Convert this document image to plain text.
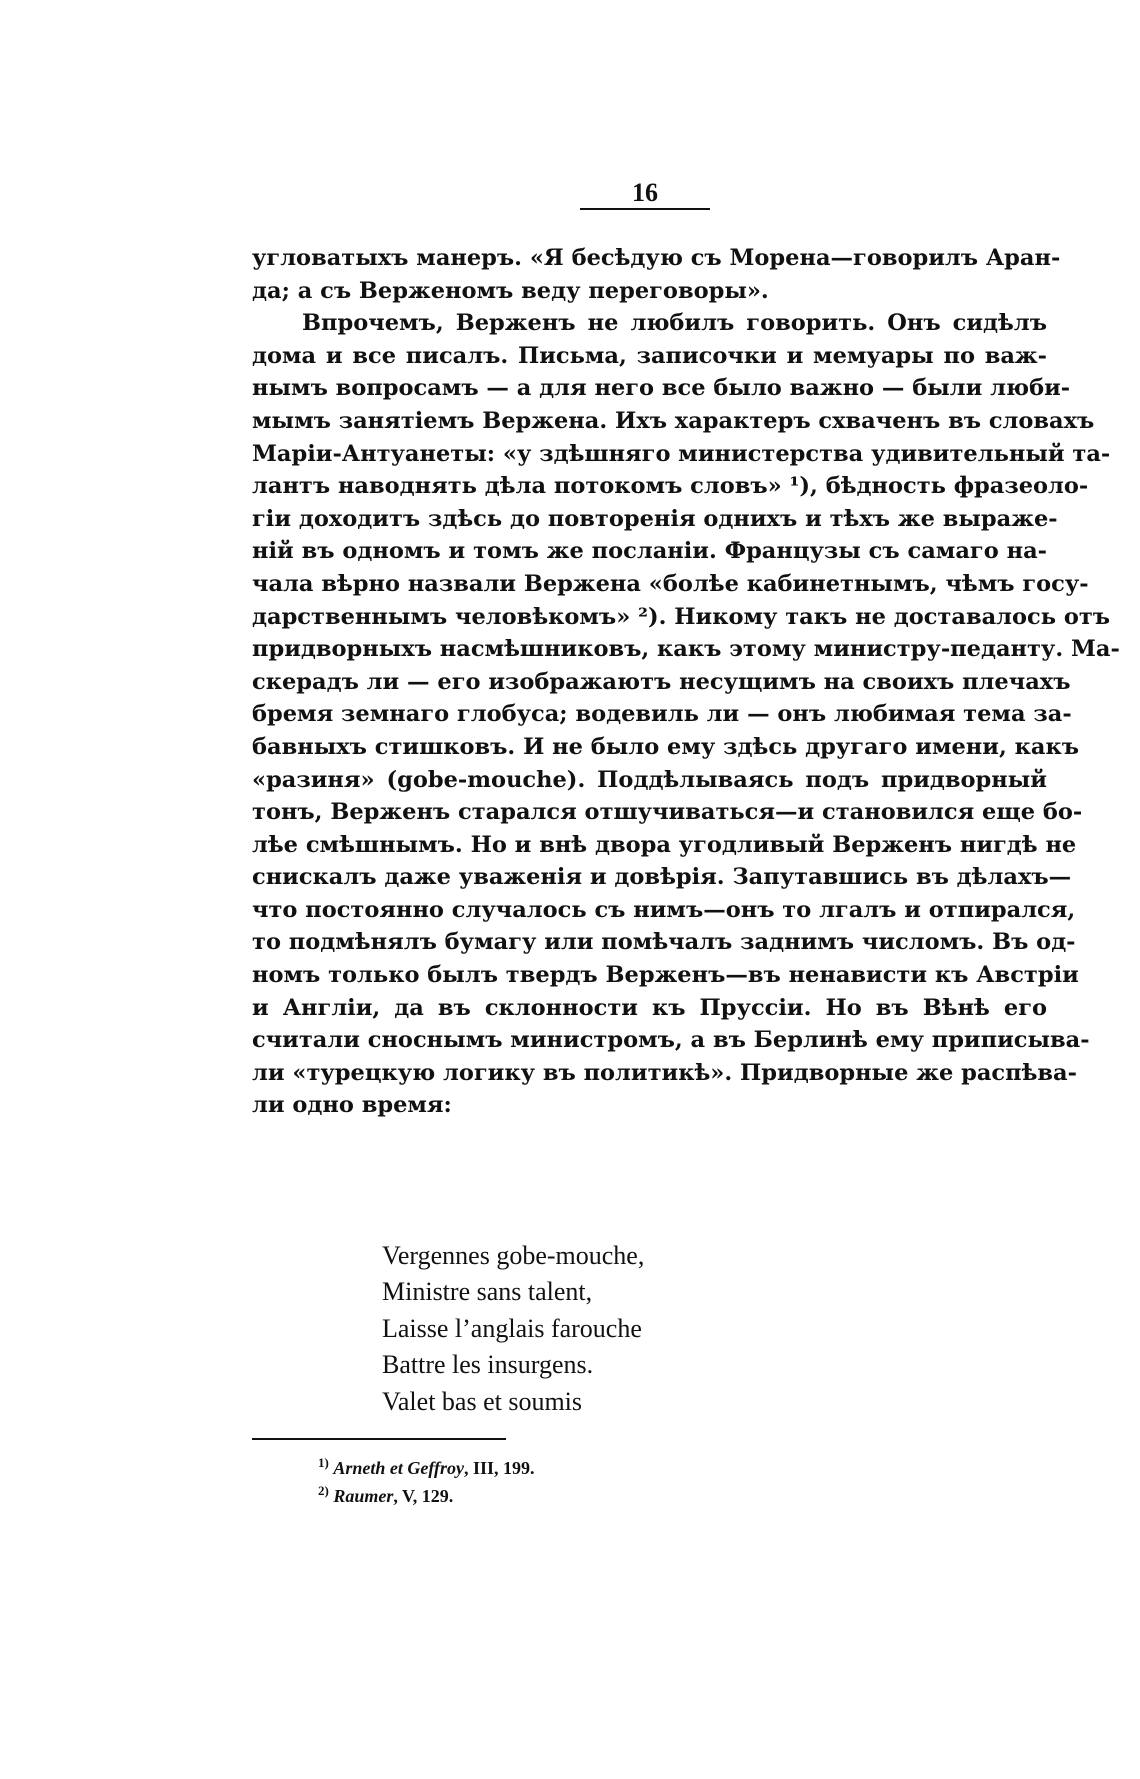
16
угловатыхъ манеръ. «Я бесѣдую съ Морена—говорилъ Аран-
да; а съ Верженомъ веду переговоры».
Впрочемъ, Верженъ не любилъ говорить. Онъ сидѣлъ
дома и все писалъ. Письма, записочки и мемуары по важ-
нымъ вопросамъ — а для него все было важно — были люби-
мымъ занятіемъ Вержена. Ихъ характеръ схваченъ въ словахъ
Маріи-Антуанеты: «у здѣшняго министерства удивительный та-
лантъ наводнять дѣла потокомъ словъ» ¹), бѣдность фразеоло-
гіи доходитъ здѣсь до повторенія однихъ и тѣхъ же выраже-
ній въ одномъ и томъ же посланіи. Французы съ самаго на-
чала вѣрно назвали Вержена «болѣе кабинетнымъ, чѣмъ госу-
дарственнымъ человѣкомъ» ²). Никому такъ не доставалось отъ
придворныхъ насмѣшниковъ, какъ этому министру-педанту. Ма-
скерадъ ли — его изображаютъ несущимъ на своихъ плечахъ
бремя земнаго глобуса; водевиль ли — онъ любимая тема за-
бавныхъ стишковъ. И не было ему здѣсь другаго имени, какъ
«разиня» (gobe-mouche). Поддѣлываясь подъ придворный
тонъ, Верженъ старался отшучиваться—и становился еще бо-
лѣе смѣшнымъ. Но и внѣ двора угодливый Верженъ нигдѣ не
снискалъ даже уваженія и довѣрія. Запутавшись въ дѣлахъ—
что постоянно случалось съ нимъ—онъ то лгалъ и отпирался,
то подмѣнялъ бумагу или помѣчалъ заднимъ числомъ. Въ од-
номъ только былъ твердъ Верженъ—въ ненависти къ Австріи
и Англіи, да въ склонности къ Пруссіи. Но въ Вѣнѣ его
считали сноснымъ министромъ, а въ Берлинѣ ему приписыва-
ли «турецкую логику въ политикѣ». Придворные же распѣва-
ли одно время:
Vergennes gobe-mouche,
Ministre sans talent,
Laisse l’anglais farouche
Battre les insurgens.
Valet bas et soumis
$^{1)}$ Arneth et Geffroy, III, 199.
$^{2)}$ Raumer, V, 129.
